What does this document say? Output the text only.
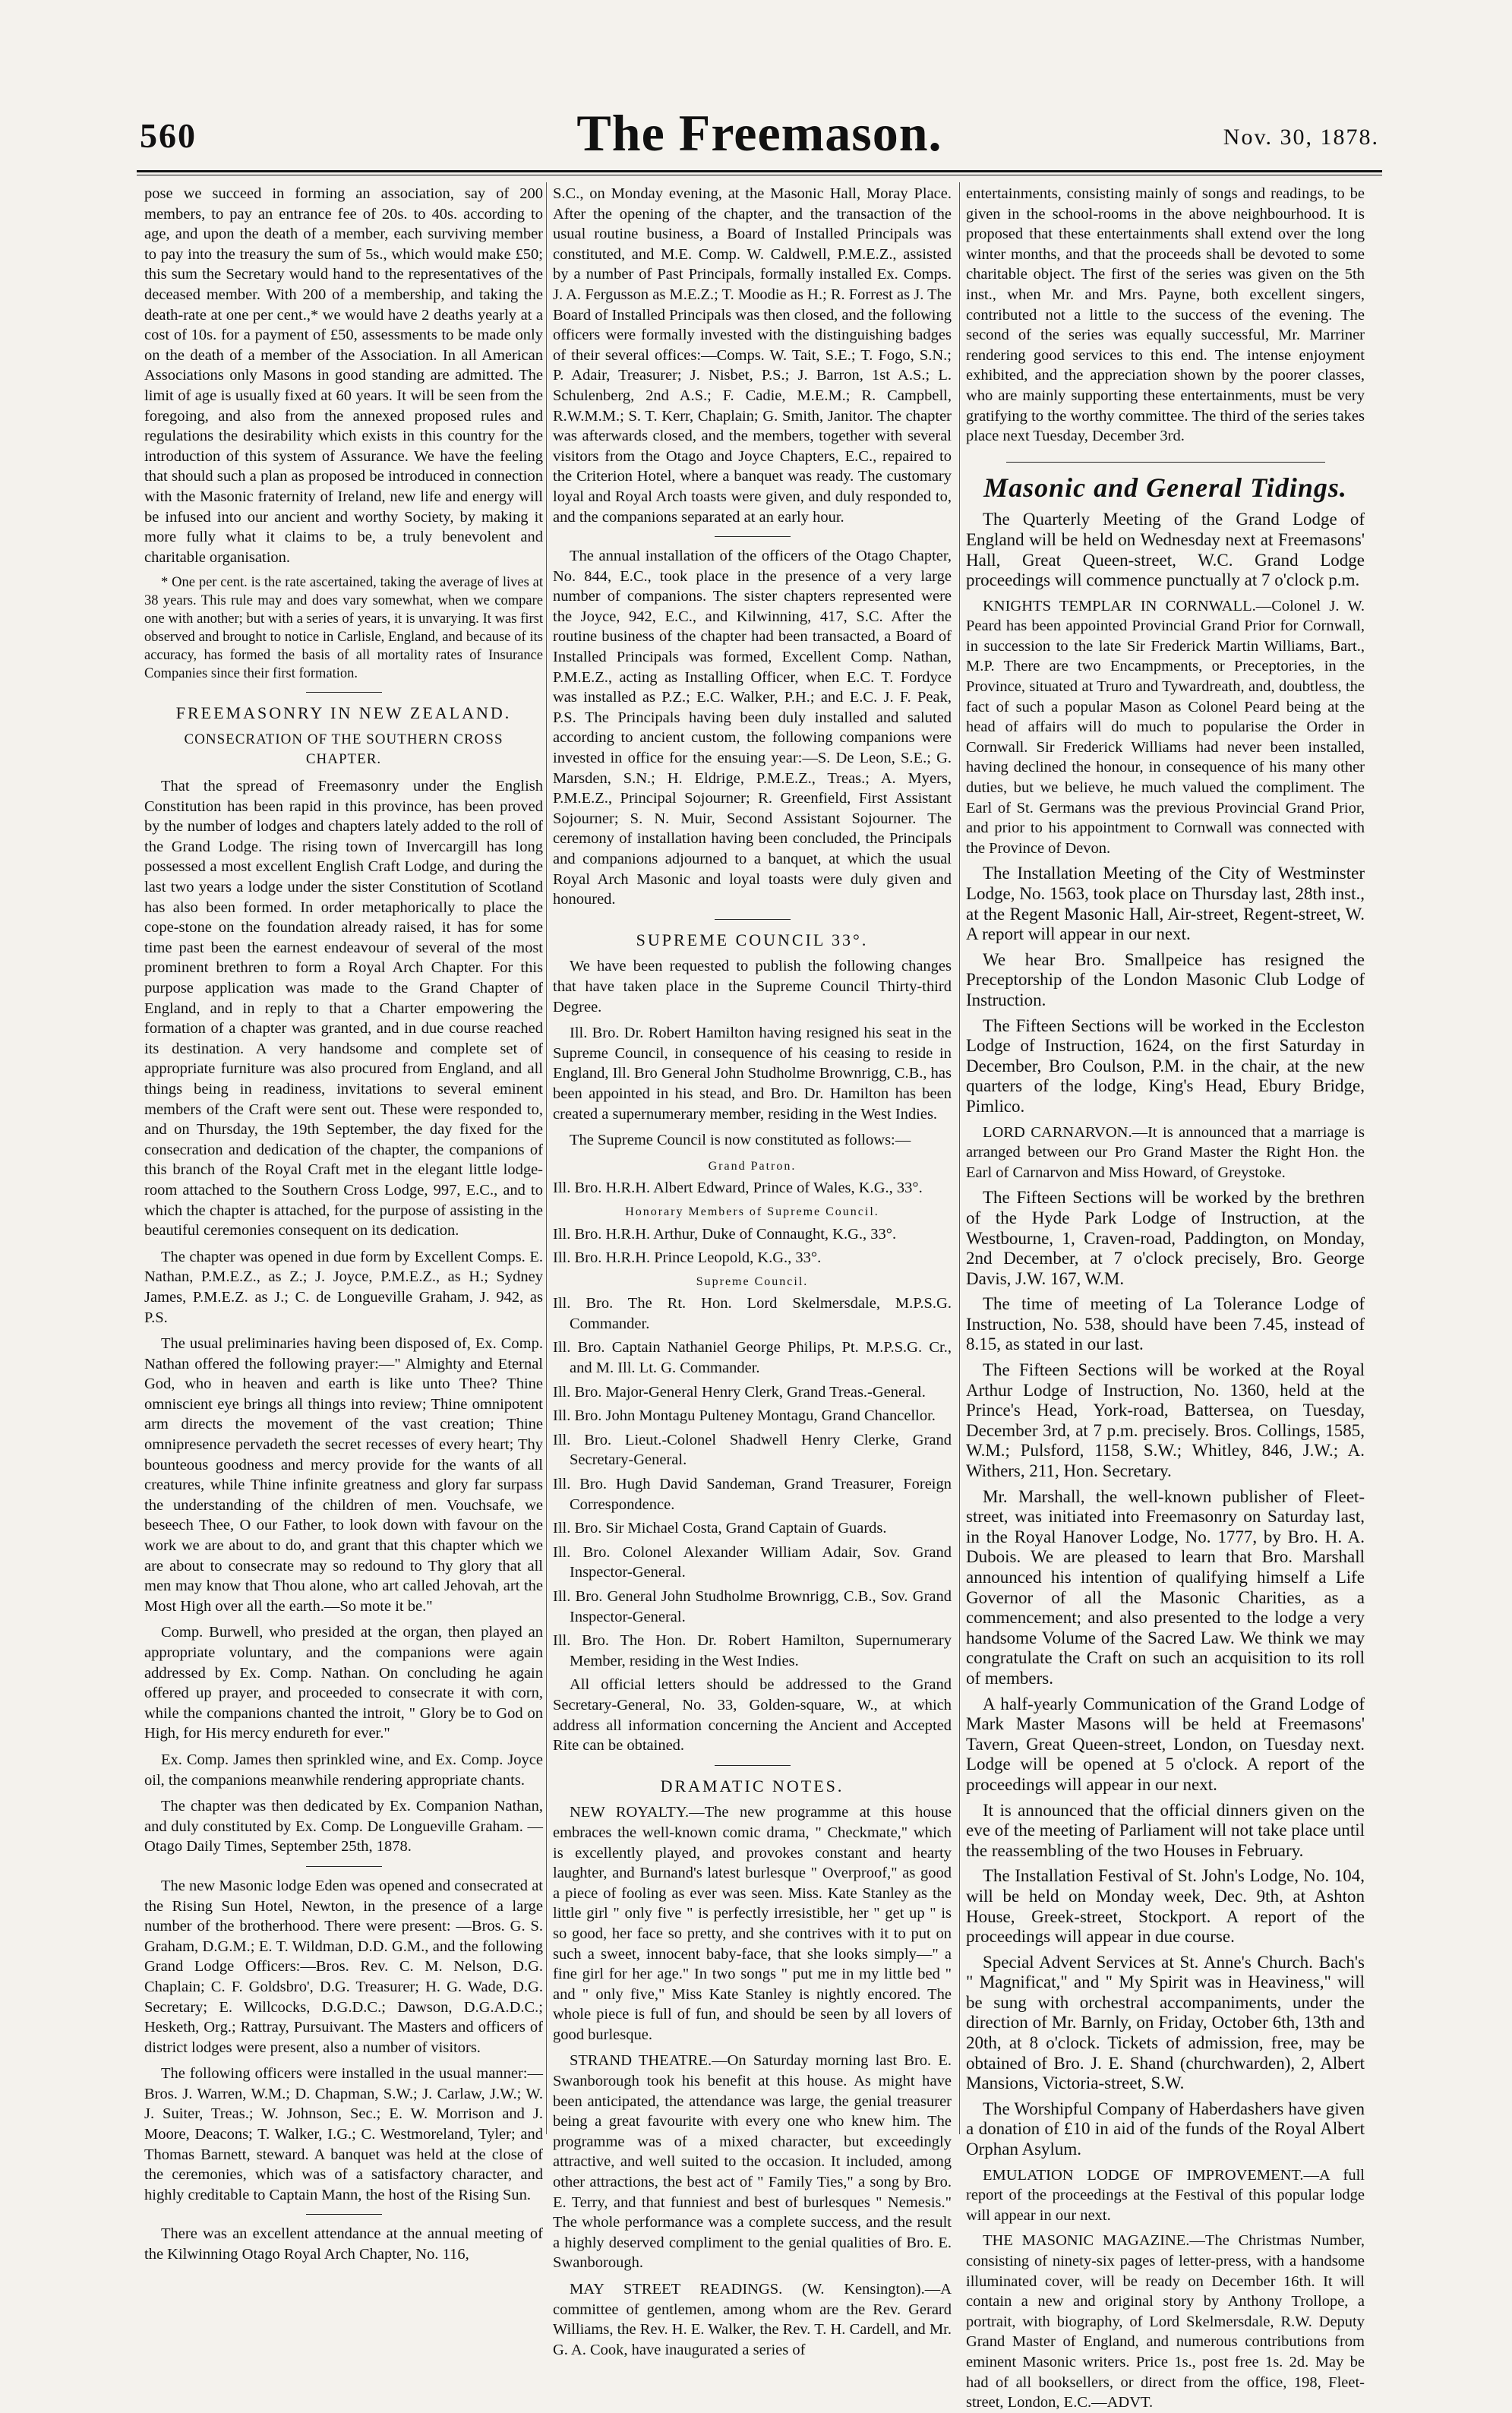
560	The Freemason.	Nov. 30, 1878.

pose we succeed in forming an association, say of 200 members, to pay an entrance fee of 20s. to 40s. according to age, and upon the death of a member, each surviving member to pay into the treasury the sum of 5s., which would make £50; this sum the Secretary would hand to the representatives of the deceased member. With 200 of a membership, and taking the death-rate at one per cent.,* we would have 2 deaths yearly at a cost of 10s. for a payment of £50, assessments to be made only on the death of a member of the Association. In all American Associations only Masons in good standing are admitted. The limit of age is usually fixed at 60 years. It will be seen from the foregoing, and also from the annexed proposed rules and regulations the desirability which exists in this country for the introduction of this system of Assurance. We have the feeling that should such a plan as proposed be introduced in connection with the Masonic fraternity of Ireland, new life and energy will be infused into our ancient and worthy Society, by making it more fully what it claims to be, a truly benevolent and charitable organisation.

* One per cent. is the rate ascertained, taking the average of lives at 38 years. This rule may and does vary somewhat, when we compare one with another; but with a series of years, it is unvarying. It was first observed and brought to notice in Carlisle, England, and because of its accuracy, has formed the basis of all mortality rates of Insurance Companies since their first formation.

FREEMASONRY IN NEW ZEALAND.
CONSECRATION OF THE SOUTHERN CROSS CHAPTER.

That the spread of Freemasonry under the English Constitution has been rapid in this province, has been proved by the number of lodges and chapters lately added to the roll of the Grand Lodge. The rising town of Invercargill has long possessed a most excellent English Craft Lodge, and during the last two years a lodge under the sister Constitution of Scotland has also been formed. In order metaphorically to place the cope-stone on the foundation already raised, it has for some time past been the earnest endeavour of several of the most prominent brethren to form a Royal Arch Chapter. For this purpose application was made to the Grand Chapter of England, and in reply to that a Charter empowering the formation of a chapter was granted, and in due course reached its destination. A very handsome and complete set of appropriate furniture was also procured from England, and all things being in readiness, invitations to several eminent members of the Craft were sent out. These were responded to, and on Thursday, the 19th September, the day fixed for the consecration and dedication of the chapter, the companions of this branch of the Royal Craft met in the elegant little lodge-room attached to the Southern Cross Lodge, 997, E.C., and to which the chapter is attached, for the purpose of assisting in the beautiful ceremonies consequent on its dedication.

The chapter was opened in due form by Excellent Comps. E. Nathan, P.M.E.Z., as Z.; J. Joyce, P.M.E.Z., as H.; Sydney James, P.M.E.Z. as J.; C. de Longueville Graham, J. 942, as P.S.

The usual preliminaries having been disposed of, Ex. Comp. Nathan offered the following prayer:—" Almighty and Eternal God, who in heaven and earth is like unto Thee? Thine omniscient eye brings all things into review; Thine omnipotent arm directs the movement of the vast creation; Thine omnipresence pervadeth the secret recesses of every heart; Thy bounteous goodness and mercy provide for the wants of all creatures, while Thine infinite greatness and glory far surpass the understanding of the children of men. Vouchsafe, we beseech Thee, O our Father, to look down with favour on the work we are about to do, and grant that this chapter which we are about to consecrate may so redound to Thy glory that all men may know that Thou alone, who art called Jehovah, art the Most High over all the earth.—So mote it be."

Comp. Burwell, who presided at the organ, then played an appropriate voluntary, and the companions were again addressed by Ex. Comp. Nathan. On concluding he again offered up prayer, and proceeded to consecrate it with corn, while the companions chanted the introit, " Glory be to God on High, for His mercy endureth for ever."

Ex. Comp. James then sprinkled wine, and Ex. Comp. Joyce oil, the companions meanwhile rendering appropriate chants.

The chapter was then dedicated by Ex. Companion Nathan, and duly constituted by Ex. Comp. De Longueville Graham. — Otago Daily Times, September 25th, 1878.

The new Masonic lodge Eden was opened and consecrated at the Rising Sun Hotel, Newton, in the presence of a large number of the brotherhood. There were present: —Bros. G. S. Graham, D.G.M.; E. T. Wildman, D.D. G.M., and the following Grand Lodge Officers:—Bros. Rev. C. M. Nelson, D.G. Chaplain; C. F. Goldsbro', D.G. Treasurer; H. G. Wade, D.G. Secretary; E. Willcocks, D.G.D.C.; Dawson, D.G.A.D.C.; Hesketh, Org.; Rattray, Pursuivant. The Masters and officers of district lodges were present, also a number of visitors.

The following officers were installed in the usual manner:—Bros. J. Warren, W.M.; D. Chapman, S.W.; J. Carlaw, J.W.; W. J. Suiter, Treas.; W. Johnson, Sec.; E. W. Morrison and J. Moore, Deacons; T. Walker, I.G.; C. Westmoreland, Tyler; and Thomas Barnett, steward. A banquet was held at the close of the ceremonies, which was of a satisfactory character, and highly creditable to Captain Mann, the host of the Rising Sun.

There was an excellent attendance at the annual meeting of the Kilwinning Otago Royal Arch Chapter, No. 116,

S.C., on Monday evening, at the Masonic Hall, Moray Place. After the opening of the chapter, and the transaction of the usual routine business, a Board of Installed Principals was constituted, and M.E. Comp. W. Caldwell, P.M.E.Z., assisted by a number of Past Principals, formally installed Ex. Comps. J. A. Fergusson as M.E.Z.; T. Moodie as H.; R. Forrest as J. The Board of Installed Principals was then closed, and the following officers were formally invested with the distinguishing badges of their several offices:—Comps. W. Tait, S.E.; T. Fogo, S.N.; P. Adair, Treasurer; J. Nisbet, P.S.; J. Barron, 1st A.S.; L. Schulenberg, 2nd A.S.; F. Cadie, M.E.M.; R. Campbell, R.W.M.M.; S. T. Kerr, Chaplain; G. Smith, Janitor. The chapter was afterwards closed, and the members, together with several visitors from the Otago and Joyce Chapters, E.C., repaired to the Criterion Hotel, where a banquet was ready. The customary loyal and Royal Arch toasts were given, and duly responded to, and the companions separated at an early hour.

The annual installation of the officers of the Otago Chapter, No. 844, E.C., took place in the presence of a very large number of companions. The sister chapters represented were the Joyce, 942, E.C., and Kilwinning, 417, S.C. After the routine business of the chapter had been transacted, a Board of Installed Principals was formed, Excellent Comp. Nathan, P.M.E.Z., acting as Installing Officer, when E.C. T. Fordyce was installed as P.Z.; E.C. Walker, P.H.; and E.C. J. F. Peak, P.S. The Principals having been duly installed and saluted according to ancient custom, the following companions were invested in office for the ensuing year:—S. De Leon, S.E.; G. Marsden, S.N.; H. Eldrige, P.M.E.Z., Treas.; A. Myers, P.M.E.Z., Principal Sojourner; R. Greenfield, First Assistant Sojourner; S. N. Muir, Second Assistant Sojourner. The ceremony of installation having been concluded, the Principals and companions adjourned to a banquet, at which the usual Royal Arch Masonic and loyal toasts were duly given and honoured.

SUPREME COUNCIL 33°.

We have been requested to publish the following changes that have taken place in the Supreme Council Thirty-third Degree.

Ill. Bro. Dr. Robert Hamilton having resigned his seat in the Supreme Council, in consequence of his ceasing to reside in England, Ill. Bro General John Studholme Brownrigg, C.B., has been appointed in his stead, and Bro. Dr. Hamilton has been created a supernumerary member, residing in the West Indies.

The Supreme Council is now constituted as follows:—

Grand Patron.

Ill. Bro. H.R.H. Albert Edward, Prince of Wales, K.G., 33°.

Honorary Members of Supreme Council.

Ill. Bro. H.R.H. Arthur, Duke of Connaught, K.G., 33°.

Ill. Bro. H.R.H. Prince Leopold, K.G., 33°.

Supreme Council.

Ill. Bro. The Rt. Hon. Lord Skelmersdale, M.P.S.G. Commander.

Ill. Bro. Captain Nathaniel George Philips, Pt. M.P.S.G. Cr., and M. Ill. Lt. G. Commander.

Ill. Bro. Major-General Henry Clerk, Grand Treas.-General.

Ill. Bro. John Montagu Pulteney Montagu, Grand Chancellor.

Ill. Bro. Lieut.-Colonel Shadwell Henry Clerke, Grand Secretary-General.

Ill. Bro. Hugh David Sandeman, Grand Treasurer, Foreign Correspondence.

Ill. Bro. Sir Michael Costa, Grand Captain of Guards.

Ill. Bro. Colonel Alexander William Adair, Sov. Grand Inspector-General.

Ill. Bro. General John Studholme Brownrigg, C.B., Sov. Grand Inspector-General.

Ill. Bro. The Hon. Dr. Robert Hamilton, Supernumerary Member, residing in the West Indies.

All official letters should be addressed to the Grand Secretary-General, No. 33, Golden-square, W., at which address all information concerning the Ancient and Accepted Rite can be obtained.

DRAMATIC NOTES.

NEW ROYALTY.—The new programme at this house embraces the well-known comic drama, " Checkmate," which is excellently played, and provokes constant and hearty laughter, and Burnand's latest burlesque " Overproof," as good a piece of fooling as ever was seen. Miss. Kate Stanley as the little girl " only five " is perfectly irresistible, her " get up " is so good, her face so pretty, and she contrives with it to put on such a sweet, innocent baby-face, that she looks simply—" a fine girl for her age." In two songs " put me in my little bed " and " only five," Miss Kate Stanley is nightly encored. The whole piece is full of fun, and should be seen by all lovers of good burlesque.

STRAND THEATRE.—On Saturday morning last Bro. E. Swanborough took his benefit at this house. As might have been anticipated, the attendance was large, the genial treasurer being a great favourite with every one who knew him. The programme was of a mixed character, but exceedingly attractive, and well suited to the occasion. It included, among other attractions, the best act of " Family Ties," a song by Bro. E. Terry, and that funniest and best of burlesques " Nemesis." The whole performance was a complete success, and the result a highly deserved compliment to the genial qualities of Bro. E. Swanborough.

MAY STREET READINGS. (W. Kensington).—A committee of gentlemen, among whom are the Rev. Gerard Williams, the Rev. H. E. Walker, the Rev. T. H. Cardell, and Mr. G. A. Cook, have inaugurated a series of

entertainments, consisting mainly of songs and readings, to be given in the school-rooms in the above neighbourhood. It is proposed that these entertainments shall extend over the long winter months, and that the proceeds shall be devoted to some charitable object. The first of the series was given on the 5th inst., when Mr. and Mrs. Payne, both excellent singers, contributed not a little to the success of the evening. The second of the series was equally successful, Mr. Marriner rendering good services to this end. The intense enjoyment exhibited, and the appreciation shown by the poorer classes, who are mainly supporting these entertainments, must be very gratifying to the worthy committee. The third of the series takes place next Tuesday, December 3rd.

Masonic and General Tidings.

The Quarterly Meeting of the Grand Lodge of England will be held on Wednesday next at Freemasons' Hall, Great Queen-street, W.C. Grand Lodge proceedings will commence punctually at 7 o'clock p.m.

KNIGHTS TEMPLAR IN CORNWALL.—Colonel J. W. Peard has been appointed Provincial Grand Prior for Cornwall, in succession to the late Sir Frederick Martin Williams, Bart., M.P. There are two Encampments, or Preceptories, in the Province, situated at Truro and Tywardreath, and, doubtless, the fact of such a popular Mason as Colonel Peard being at the head of affairs will do much to popularise the Order in Cornwall. Sir Frederick Williams had never been installed, having declined the honour, in consequence of his many other duties, but we believe, he much valued the compliment. The Earl of St. Germans was the previous Provincial Grand Prior, and prior to his appointment to Cornwall was connected with the Province of Devon.

The Installation Meeting of the City of Westminster Lodge, No. 1563, took place on Thursday last, 28th inst., at the Regent Masonic Hall, Air-street, Regent-street, W. A report will appear in our next.

We hear Bro. Smallpeice has resigned the Preceptorship of the London Masonic Club Lodge of Instruction.

The Fifteen Sections will be worked in the Eccleston Lodge of Instruction, 1624, on the first Saturday in December, Bro Coulson, P.M. in the chair, at the new quarters of the lodge, King's Head, Ebury Bridge, Pimlico.

LORD CARNARVON.—It is announced that a marriage is arranged between our Pro Grand Master the Right Hon. the Earl of Carnarvon and Miss Howard, of Greystoke.

The Fifteen Sections will be worked by the brethren of the Hyde Park Lodge of Instruction, at the Westbourne, 1, Craven-road, Paddington, on Monday, 2nd December, at 7 o'clock precisely, Bro. George Davis, J.W. 167, W.M.

The time of meeting of La Tolerance Lodge of Instruction, No. 538, should have been 7.45, instead of 8.15, as stated in our last.

The Fifteen Sections will be worked at the Royal Arthur Lodge of Instruction, No. 1360, held at the Prince's Head, York-road, Battersea, on Tuesday, December 3rd, at 7 p.m. precisely. Bros. Collings, 1585, W.M.; Pulsford, 1158, S.W.; Whitley, 846, J.W.; A. Withers, 211, Hon. Secretary.

Mr. Marshall, the well-known publisher of Fleet-street, was initiated into Freemasonry on Saturday last, in the Royal Hanover Lodge, No. 1777, by Bro. H. A. Dubois. We are pleased to learn that Bro. Marshall announced his intention of qualifying himself a Life Governor of all the Masonic Charities, as a commencement; and also presented to the lodge a very handsome Volume of the Sacred Law. We think we may congratulate the Craft on such an acquisition to its roll of members.

A half-yearly Communication of the Grand Lodge of Mark Master Masons will be held at Freemasons' Tavern, Great Queen-street, London, on Tuesday next. Lodge will be opened at 5 o'clock. A report of the proceedings will appear in our next.

It is announced that the official dinners given on the eve of the meeting of Parliament will not take place until the reassembling of the two Houses in February.

The Installation Festival of St. John's Lodge, No. 104, will be held on Monday week, Dec. 9th, at Ashton House, Greek-street, Stockport. A report of the proceedings will appear in due course.

Special Advent Services at St. Anne's Church. Bach's " Magnificat," and " My Spirit was in Heaviness," will be sung with orchestral accompaniments, under the direction of Mr. Barnly, on Friday, October 6th, 13th and 20th, at 8 o'clock. Tickets of admission, free, may be obtained of Bro. J. E. Shand (churchwarden), 2, Albert Mansions, Victoria-street, S.W.

The Worshipful Company of Haberdashers have given a donation of £10 in aid of the funds of the Royal Albert Orphan Asylum.

EMULATION LODGE OF IMPROVEMENT.—A full report of the proceedings at the Festival of this popular lodge will appear in our next.

THE MASONIC MAGAZINE.—The Christmas Number, consisting of ninety-six pages of letter-press, with a handsome illuminated cover, will be ready on December 16th. It will contain a new and original story by Anthony Trollope, a portrait, with biography, of Lord Skelmersdale, R.W. Deputy Grand Master of England, and numerous contributions from eminent Masonic writers. Price 1s., post free 1s. 2d. May be had of all booksellers, or direct from the office, 198, Fleet-street, London, E.C.—ADVT.
